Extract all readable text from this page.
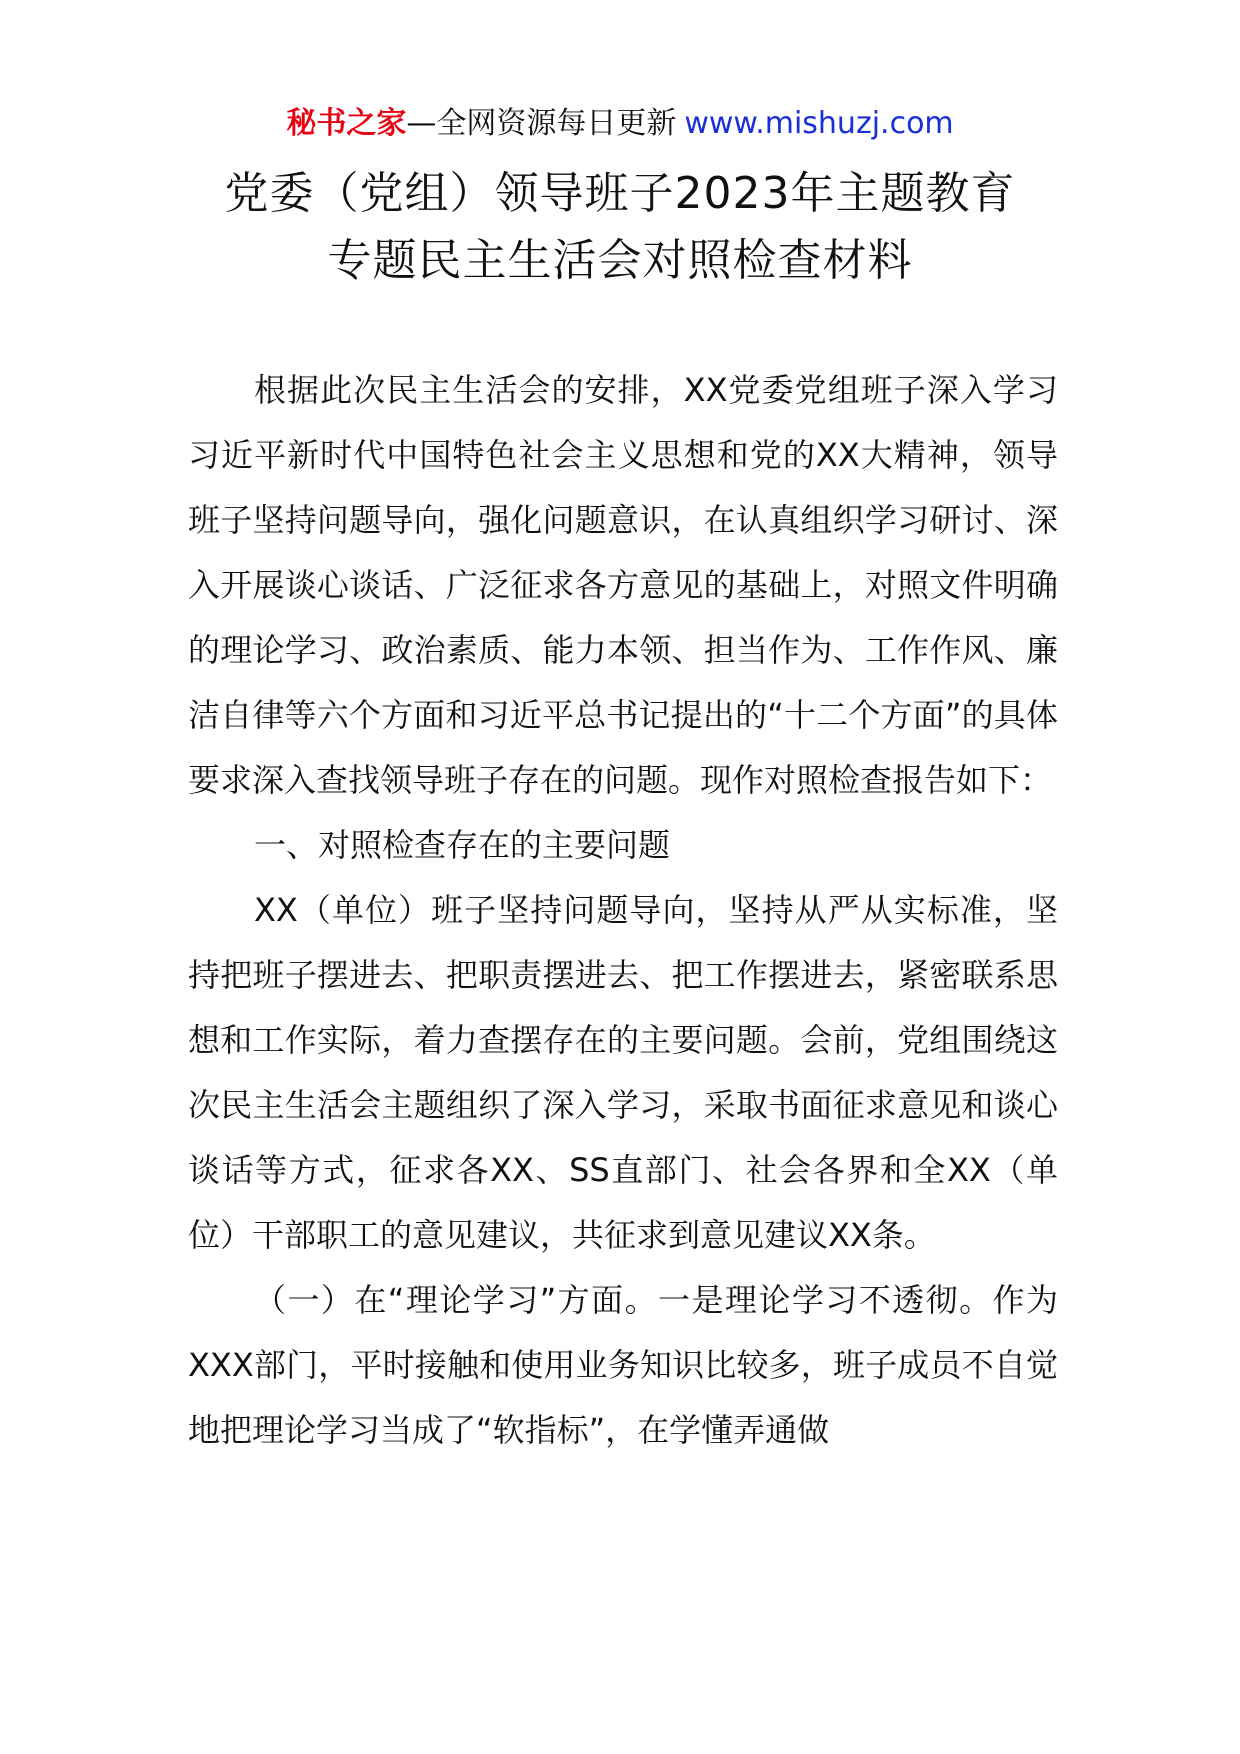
秘书之家—全网资源每日更新 www.mishuzj.com
党委（党组）领导班子2023年主题教育
专题民主生活会对照检查材料

根据此次民主生活会的安排，XX党委党组班子深入学习习近平新时代中国特色社会主义思想和党的XX大精神，领导班子坚持问题导向，强化问题意识，在认真组织学习研讨、深入开展谈心谈话、广泛征求各方意见的基础上，对照文件明确的理论学习、政治素质、能力本领、担当作为、工作作风、廉洁自律等六个方面和习近平总书记提出的“十二个方面”的具体要求深入查找领导班子存在的问题。现作对照检查报告如下：

一、对照检查存在的主要问题

XX（单位）班子坚持问题导向，坚持从严从实标准，坚持把班子摆进去、把职责摆进去、把工作摆进去，紧密联系思想和工作实际，着力查摆存在的主要问题。会前，党组围绕这次民主生活会主题组织了深入学习，采取书面征求意见和谈心谈话等方式，征求各XX、SS直部门、社会各界和全XX（单位）干部职工的意见建议，共征求到意见建议XX条。

（一）在“理论学习”方面。一是理论学习不透彻。作为XXX部门，平时接触和使用业务知识比较多，班子成员不自觉地把理论学习当成了“软指标”，在学懂弄通做
